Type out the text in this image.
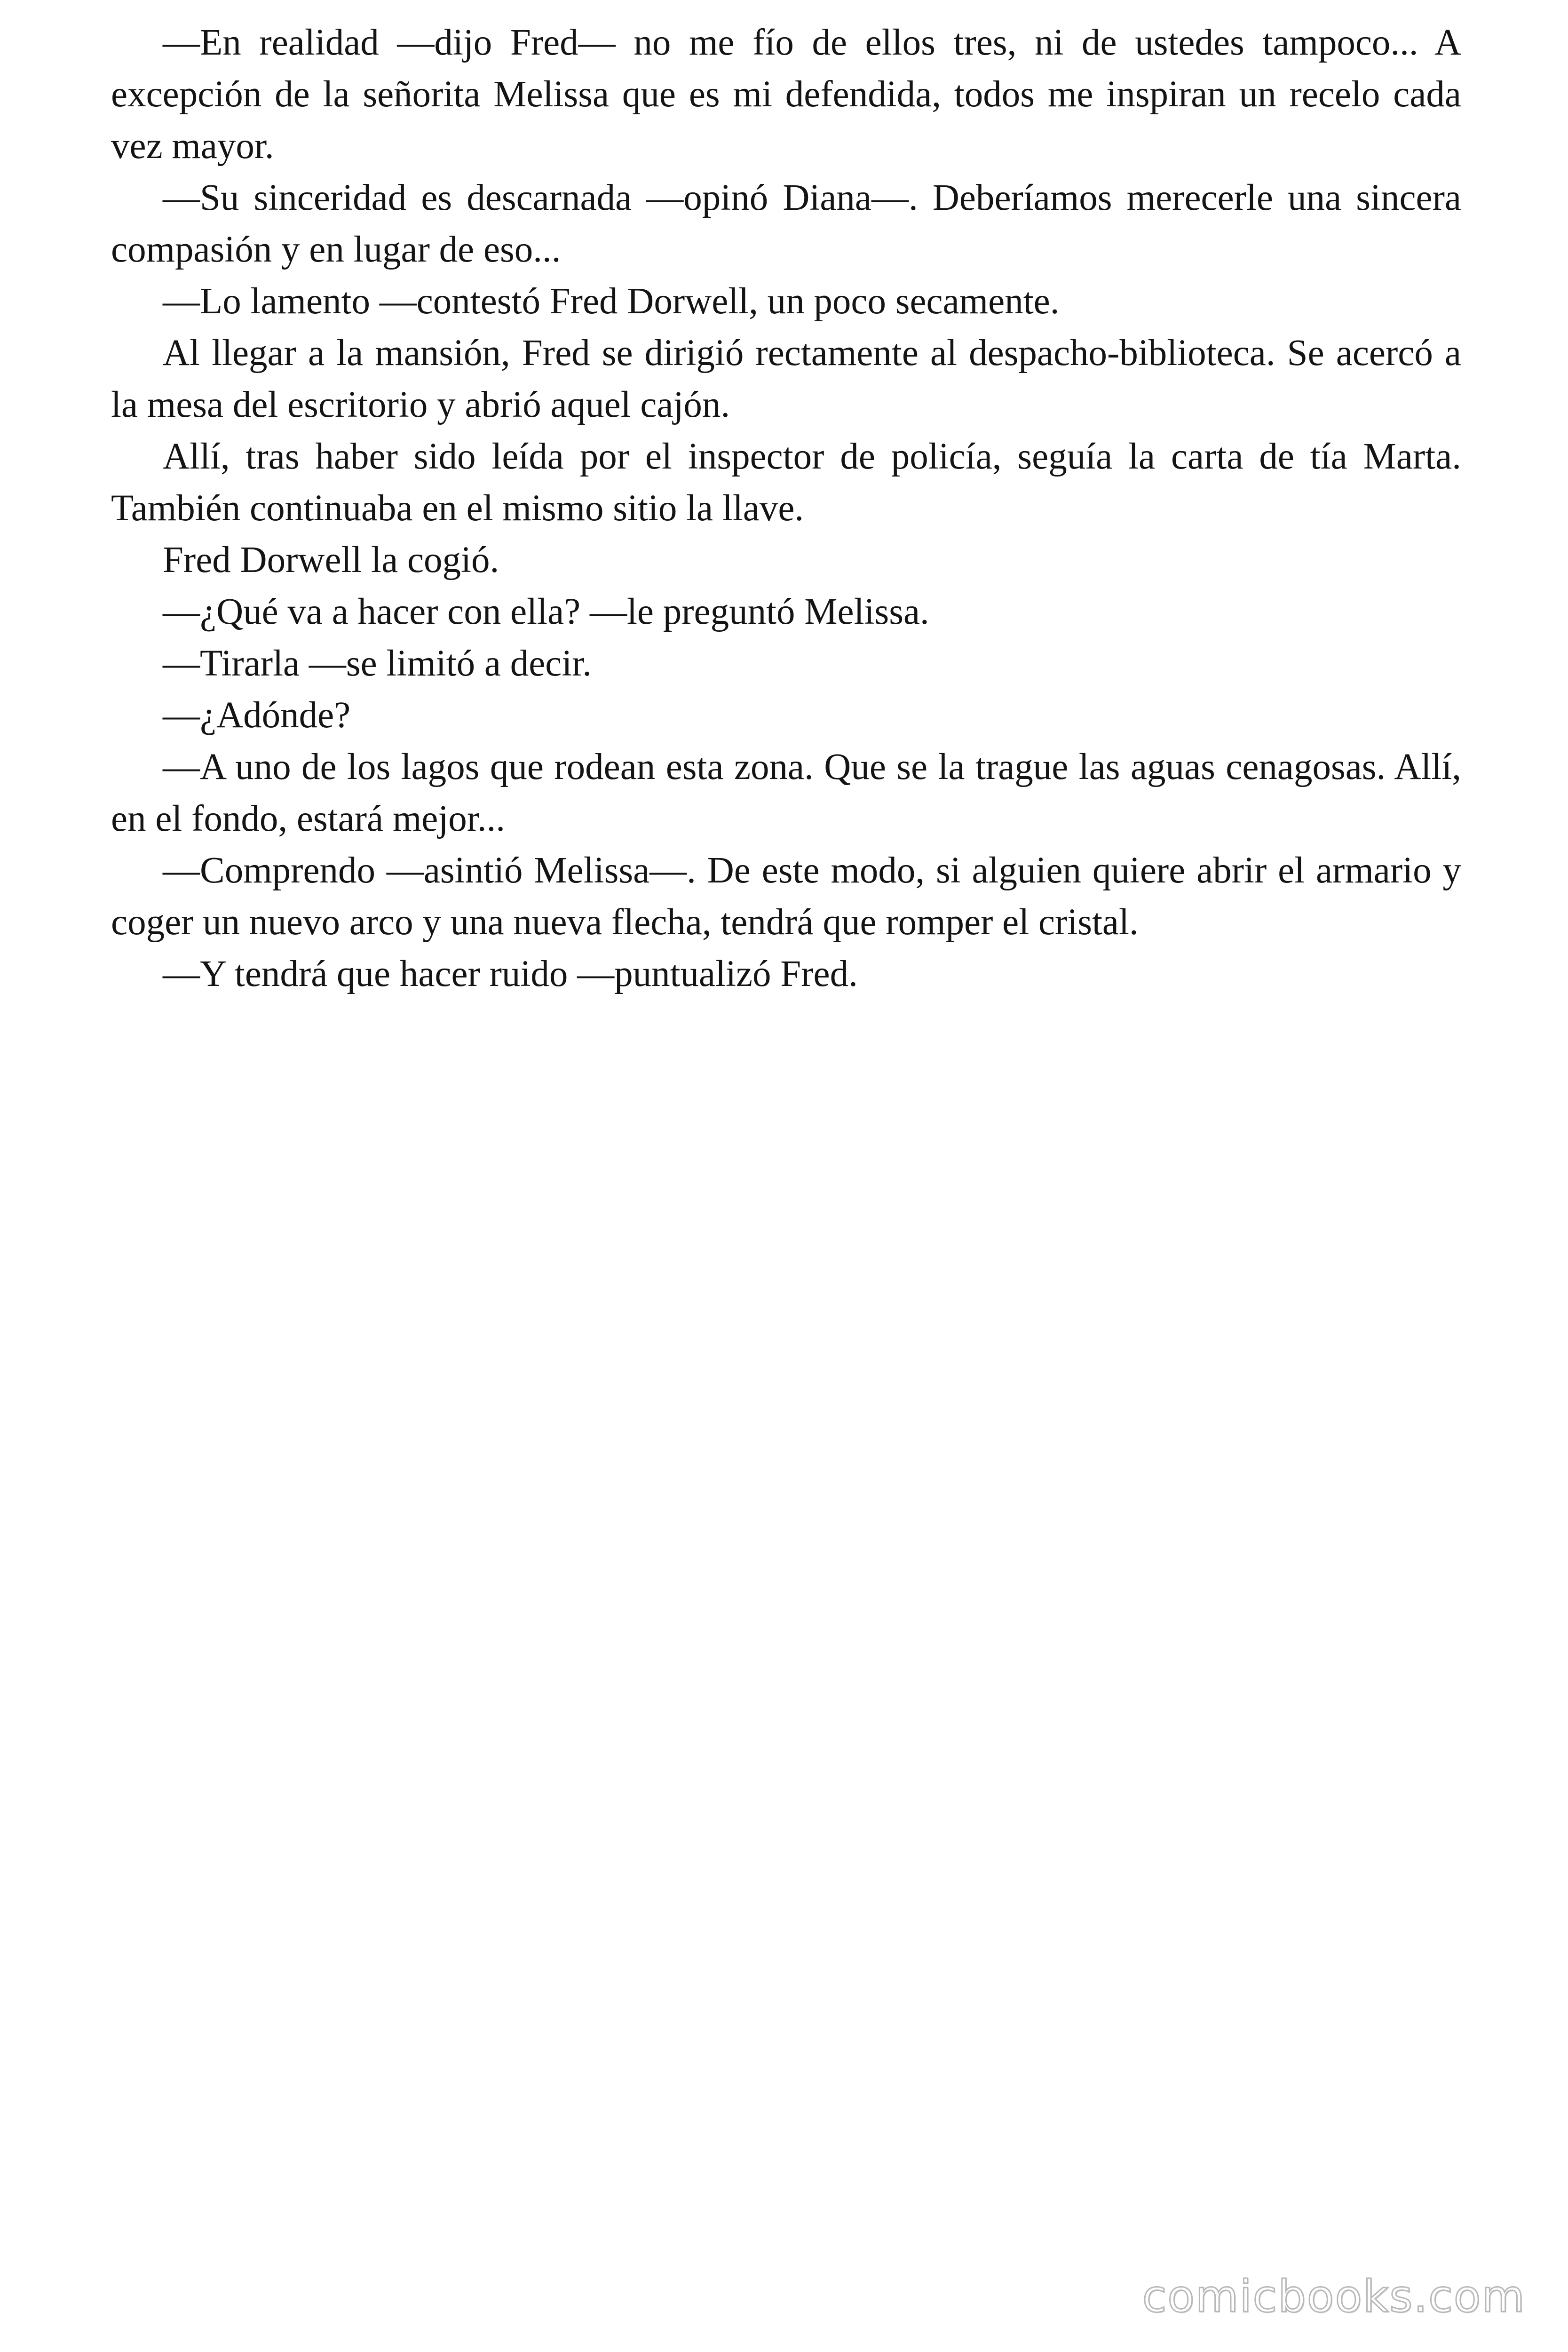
—En realidad —dijo Fred— no me fío de ellos tres, ni de ustedes tampoco... A excepción de la señorita Melissa que es mi defendida, todos me inspiran un recelo cada vez mayor.

—Su sinceridad es descarnada —opinó Diana—. Deberíamos merecerle una sincera compasión y en lugar de eso...

—Lo lamento —contestó Fred Dorwell, un poco secamente.

Al llegar a la mansión, Fred se dirigió rectamente al despacho-biblioteca. Se acercó a la mesa del escritorio y abrió aquel cajón.

Allí, tras haber sido leída por el inspector de policía, seguía la carta de tía Marta. También continuaba en el mismo sitio la llave.

Fred Dorwell la cogió.

—¿Qué va a hacer con ella? —le preguntó Melissa.

—Tirarla —se limitó a decir.

—¿Adónde?

—A uno de los lagos que rodean esta zona. Que se la trague las aguas cenagosas. Allí, en el fondo, estará mejor...

—Comprendo —asintió Melissa—. De este modo, si alguien quiere abrir el armario y coger un nuevo arco y una nueva flecha, tendrá que romper el cristal.

—Y tendrá que hacer ruido —puntualizó Fred.

comicbooks.com
